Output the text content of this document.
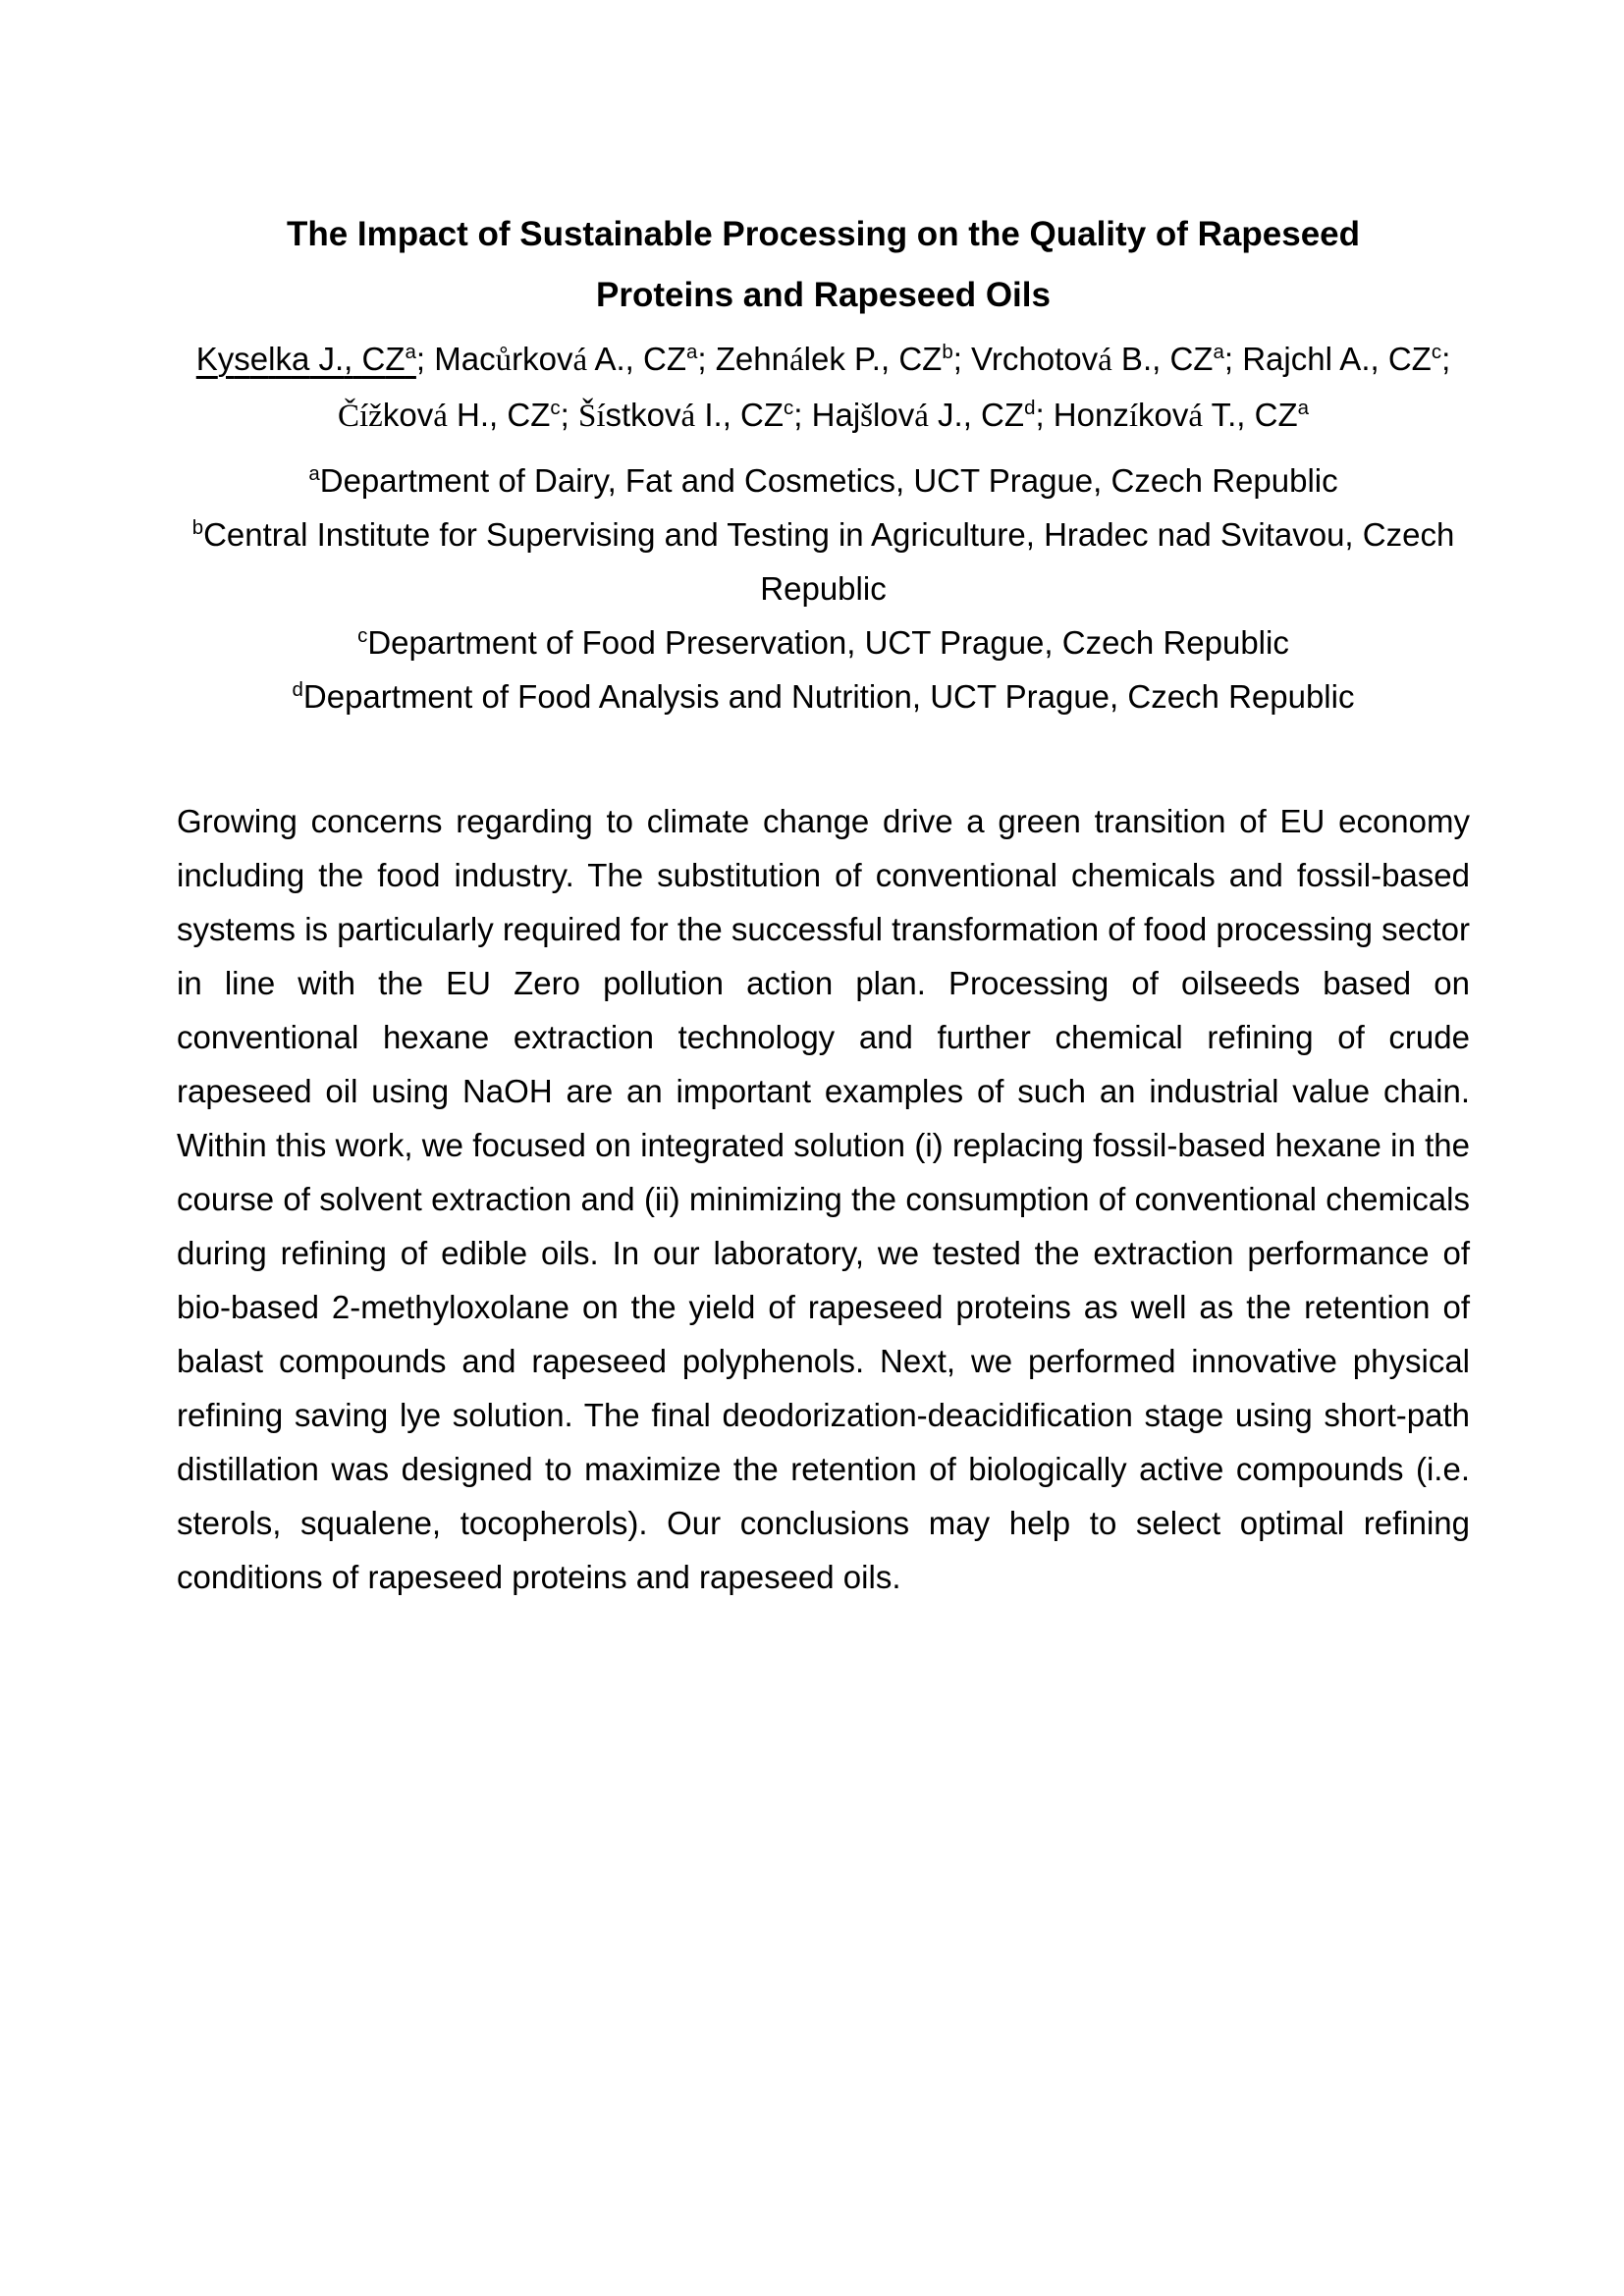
The Impact of Sustainable Processing on the Quality of Rapeseed
Proteins and Rapeseed Oils
Kyselka J., $CZ^a$; Macůrková A., $CZ^a$; Zehnálek P., $CZ^b$; Vrchotová B., $CZ^a$; Rajchl A., $CZ^c$;
Čížková H., $CZ^c$; Šístková I., $CZ^c$; Hajšlová J., $CZ^d$; Honzíková T., $CZ^a$
$^a$Department of Dairy, Fat and Cosmetics, UCT Prague, Czech Republic
$^b$Central Institute for Supervising and Testing in Agriculture, Hradec nad Svitavou, Czech Republic
$^c$Department of Food Preservation, UCT Prague, Czech Republic
$^d$Department of Food Analysis and Nutrition, UCT Prague, Czech Republic

Growing concerns regarding to climate change drive a green transition of EU economy including the food industry. The substitution of conventional chemicals and fossil-based systems is particularly required for the successful transformation of food processing sector in line with the EU Zero pollution action plan. Processing of oilseeds based on conventional hexane extraction technology and further chemical refining of crude rapeseed oil using NaOH are an important examples of such an industrial value chain. Within this work, we focused on integrated solution (i) replacing fossil-based hexane in the course of solvent extraction and (ii) minimizing the consumption of conventional chemicals during refining of edible oils. In our laboratory, we tested the extraction performance of bio-based 2-methyloxolane on the yield of rapeseed proteins as well as the retention of balast compounds and rapeseed polyphenols. Next, we performed innovative physical refining saving lye solution. The final deodorization-deacidification stage using short-path distillation was designed to maximize the retention of biologically active compounds (i.e. sterols, squalene, tocopherols). Our conclusions may help to select optimal refining conditions of rapeseed proteins and rapeseed oils.
